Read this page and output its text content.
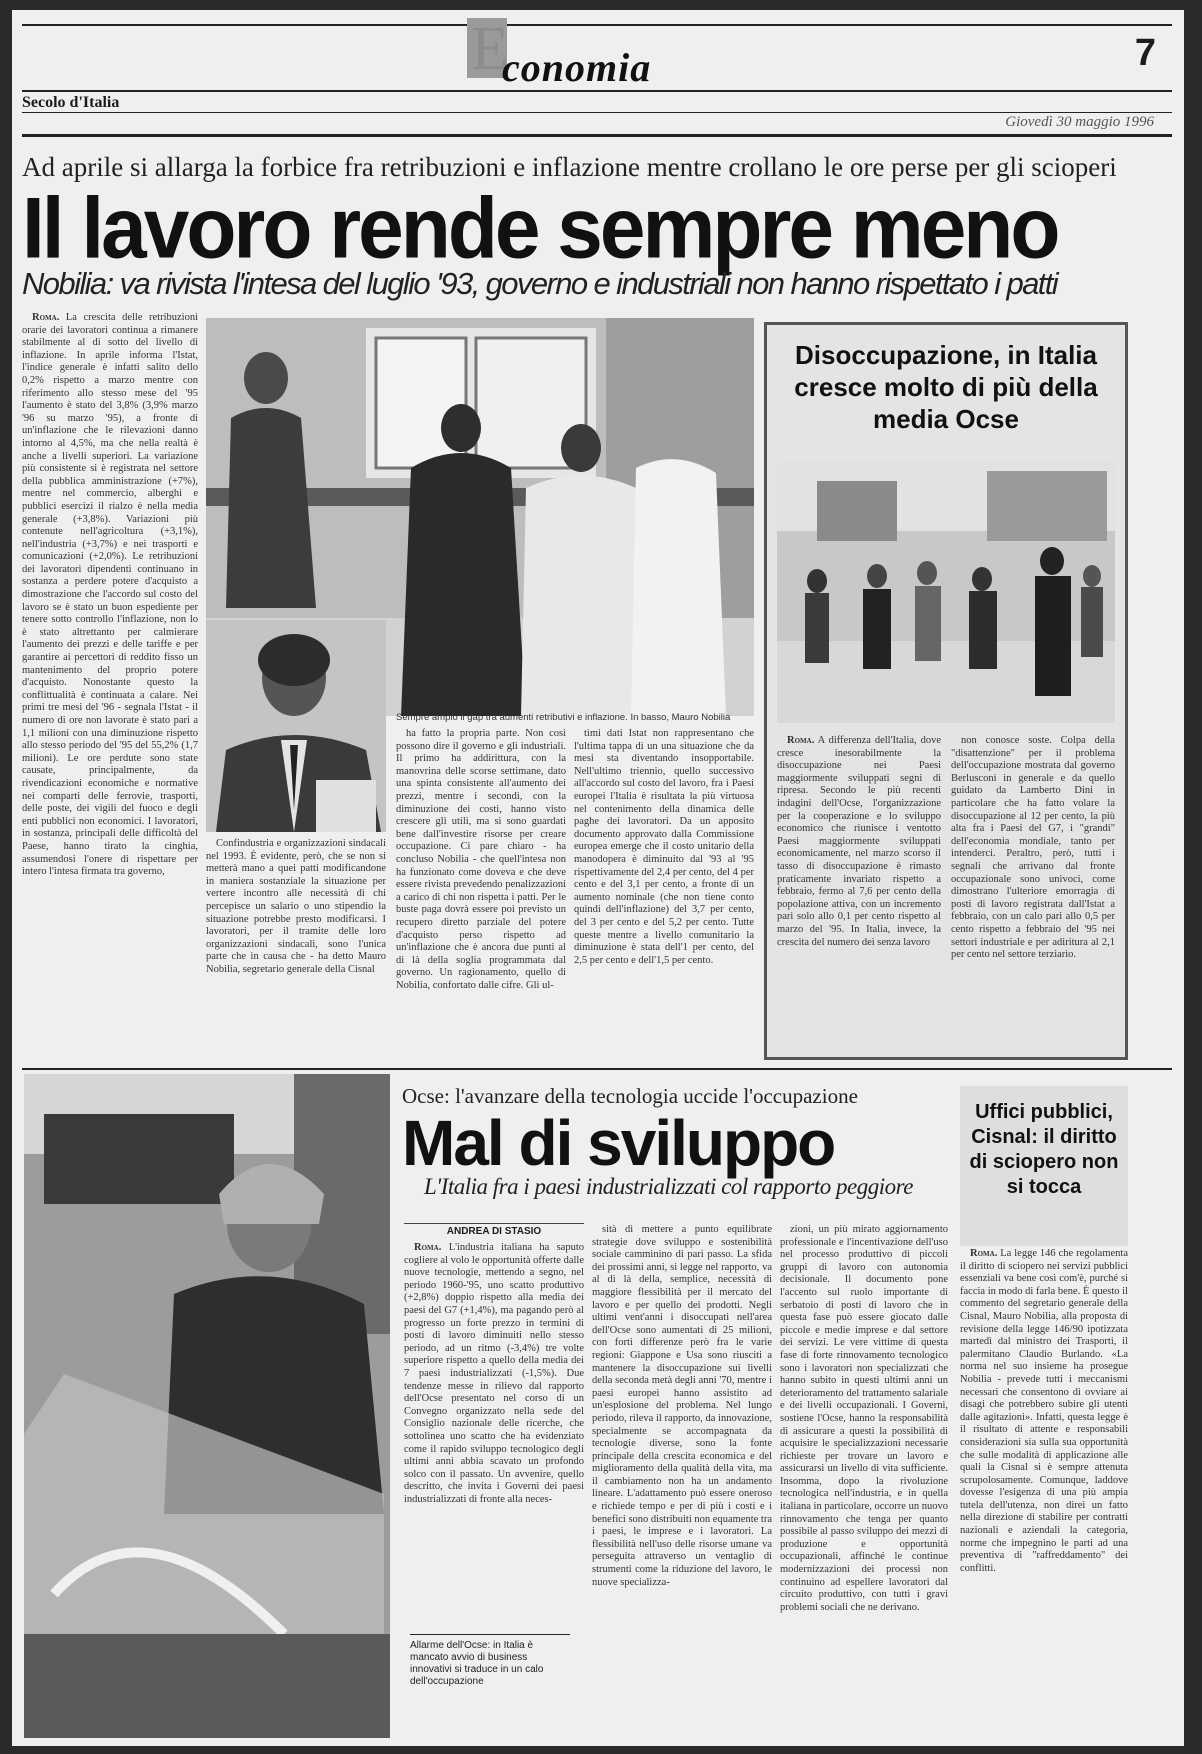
E
conomia	7
Secolo d'Italia
Giovedì 30 maggio 1996
Ad aprile si allarga la forbice fra retribuzioni e inflazione mentre crollano le ore perse per gli scioperi
Il lavoro rende sempre meno
Nobilia: va rivista l'intesa del luglio '93, governo e industriali non hanno rispettato i patti

Roma. La crescita delle retribuzioni orarie dei lavoratori continua a rimanere stabilmente al di sotto del livello di inflazione. In aprile informa l'Istat, l'indice generale è infatti salito dello 0,2% rispetto a marzo mentre con riferimento allo stesso mese del '95 l'aumento è stato del 3,8% (3,9% marzo '96 su marzo '95), a fronte di un'inflazione che le rilevazioni danno intorno al 4,5%, ma che nella realtà è anche a livelli superiori. La variazione più consistente si è registrata nel settore della pubblica amministrazione (+7%), mentre nel commercio, alberghi e pubblici esercizi il rialzo è nella media generale (+3,8%). Variazioni più contenute nell'agricoltura (+3,1%), nell'industria (+3,7%) e nei trasporti e comunicazioni (+2,0%). Le retribuzioni dei lavoratori dipendenti continuano in sostanza a perdere potere d'acquisto a dimostrazione che l'accordo sul costo del lavoro se è stato un buon espediente per tenere sotto controllo l'inflazione, non lo è stato altrettanto per calmierare l'aumento dei prezzi e delle tariffe e per garantire ai percettori di reddito fisso un mantenimento del proprio potere d'acquisto. Nonostante questo la conflittualità è continuata a calare. Nei primi tre mesi del '96 - segnala l'Istat - il numero di ore non lavorate è stato pari a 1,1 milioni con una diminuzione rispetto allo stesso periodo del '95 del 55,2% (1,7 milioni). Le ore perdute sono state causate, principalmente, da rivendicazioni economiche e normative nei comparti delle ferrovie, trasporti, delle poste, dei vigili del fuoco e degli enti pubblici non economici. I lavoratori, in sostanza, principali delle difficoltà del Paese, hanno tirato la cinghia, assumendosi l'onere di rispettare per intero l'intesa firmata tra governo,

Sempre ampio il gap tra aumenti retributivi e inflazione. In basso, Mauro Nobilia

Confindustria e organizzazioni sindacali nel 1993. È evidente, però, che se non si metterà mano a quei patti modificandone in maniera sostanziale la situazione per vertere incontro alle necessità di chi percepisce un salario o uno stipendio la situazione potrebbe presto modificarsi. I lavoratori, per il tramite delle loro organizzazioni sindacali, sono l'unica parte che in causa che - ha detto Mauro Nobilia, segretario generale della Cisnal

ha fatto la propria parte. Non così possono dire il governo e gli industriali. Il primo ha addirittura, con la manovrina delle scorse settimane, dato una spinta consistente all'aumento dei prezzi, mentre i secondi, con la diminuzione dei costi, hanno visto crescere gli utili, ma si sono guardati bene dall'investire risorse per creare occupazione. Ci pare chiaro - ha concluso Nobilia - che quell'intesa non ha funzionato come doveva e che deve essere rivista prevedendo penalizzazioni a carico di chi non rispetta i patti. Per le buste paga dovrà essere poi previsto un recupero diretto parziale del potere d'acquisto perso rispetto ad un'inflazione che è ancora due punti al di là della soglia programmata dal governo. Un ragionamento, quello di Nobilia, confortato dalle cifre. Gli ul-

timi dati Istat non rappresentano che l'ultima tappa di un una situazione che da mesi sta diventando insopportabile. Nell'ultimo triennio, quello successivo all'accordo sul costo del lavoro, fra i Paesi europei l'Italia è risultata la più virtuosa nel contenimento della dinamica delle paghe dei lavoratori. Da un apposito documento approvato dalla Commissione europea emerge che il costo unitario della manodopera è diminuito dal '93 al '95 rispettivamente del 2,4 per cento, del 4 per cento e del 3,1 per cento, a fronte di un aumento nominale (che non tiene conto quindi dell'inflazione) del 3,7 per cento, del 3 per cento e del 5,2 per cento. Tutte queste mentre a livello comunitario la diminuzione è stata dell'1 per cento, del 2,5 per cento e dell'1,5 per cento.

Disoccupazione, in Italia cresce molto di più della media Ocse

Roma. A differenza dell'Italia, dove cresce inesorabilmente la disoccupazione nei Paesi maggiormente sviluppati segni di ripresa. Secondo le più recenti indagini dell'Ocse, l'organizzazione per la cooperazione e lo sviluppo economico che riunisce i ventotto Paesi maggiormente sviluppati economicamente, nel marzo scorso il tasso di disoccupazione è rimasto praticamente invariato rispetto a febbraio, fermo al 7,6 per cento della popolazione attiva, con un incremento pari solo allo 0,1 per cento rispetto al marzo del '95. In Italia, invece, la crescita del numero dei senza lavoro

non conosce soste. Colpa della "disattenzione" per il problema dell'occupazione mostrata dal governo Berlusconi in generale e da quello guidato da Lamberto Dini in particolare che ha fatto volare la disoccupazione al 12 per cento, la più alta fra i Paesi del G7, i "grandi" dell'economia mondiale, tanto per intenderci. Peraltro, però, tutti i segnali che arrivano dal fronte occupazionale sono univoci, come dimostrano l'ulteriore emorragia di posti di lavoro registrata dall'Istat a febbraio, con un calo pari allo 0,5 per cento rispetto a febbraio del '95 nei settori industriale e per adiritura al 2,1 per cento nel settore terziario.

Ocse: l'avanzare della tecnologia uccide l'occupazione
Mal di sviluppo
L'Italia fra i paesi industrializzati col rapporto peggiore
ANDREA DI STASIO

Roma. L'industria italiana ha saputo cogliere al volo le opportunità offerte dalle nuove tecnologie, mettendo a segno, nel periodo 1960-'95, uno scatto produttivo (+2,8%) doppio rispetto alla media dei paesi del G7 (+1,4%), ma pagando però al progresso un forte prezzo in termini di posti di lavoro diminuiti nello stesso periodo, ad un ritmo (-3,4%) tre volte superiore rispetto a quello della media dei 7 paesi industrializzati (-1,5%). Due tendenze messe in rilievo dal rapporto dell'Ocse presentato nel corso di un Convegno organizzato nella sede del Consiglio nazionale delle ricerche, che sottolinea uno scatto che ha evidenziato come il rapido sviluppo tecnologico degli ultimi anni abbia scavato un profondo solco con il passato. Un avvenire, quello descritto, che invita i Governi dei paesi industrializzati di fronte alla neces-

Allarme dell'Ocse: in Italia è mancato avvio di business innovativi si traduce in un calo dell'occupazione

sità di mettere a punto equilibrate strategie dove sviluppo e sostenibilità sociale camminino di pari passo. La sfida dei prossimi anni, si legge nel rapporto, va al di là della, semplice, necessità di maggiore flessibilità per il mercato del lavoro e per quello dei prodotti. Negli ultimi vent'anni i disoccupati nell'area dell'Ocse sono aumentati di 25 milioni, con forti differenze però fra le varie regioni: Giappone e Usa sono riusciti a mantenere la disoccupazione sui livelli della seconda metà degli anni '70, mentre i paesi europei hanno assistito ad un'esplosione del problema. Nel lungo periodo, rileva il rapporto, da innovazione, specialmente se accompagnata da tecnologie diverse, sono la fonte principale della crescita economica e del miglioramento della qualità della vita, ma il cambiamento non ha un andamento lineare. L'adattamento può essere oneroso e richiede tempo e per di più i costi e i benefici sono distribuiti non equamente tra i paesi, le imprese e i lavoratori. La flessibilità nell'uso delle risorse umane va perseguita attraverso un ventaglio di strumenti come la riduzione del lavoro, le nuove specializza-

zioni, un più mirato aggiornamento professionale e l'incentivazione dell'uso nel processo produttivo di piccoli gruppi di lavoro con autonomia decisionale. Il documento pone l'accento sul ruolo importante di serbatoio di posti di lavoro che in questa fase può essere giocato dalle piccole e medie imprese e dal settore dei servizi. Le vere vittime di questa fase di forte rinnovamento tecnologico sono i lavoratori non specializzati che hanno subito in questi ultimi anni un deterioramento del trattamento salariale e dei livelli occupazionali. I Governi, sostiene l'Ocse, hanno la responsabilità di assicurare a questi la possibilità di acquisire le specializzazioni necessarie richieste per trovare un lavoro e assicurarsi un livello di vita sufficiente. Insomma, dopo la rivoluzione tecnologica nell'industria, e in quella italiana in particolare, occorre un nuovo rinnovamento che tenga per quanto possibile al passo sviluppo dei mezzi di produzione e opportunità occupazionali, affinché le continue modernizzazioni dei processi non continuino ad espellere lavoratori dal circuito produttivo, con tutti i gravi problemi sociali che ne derivano.

Uffici pubblici, Cisnal: il diritto di sciopero non si tocca

Roma. La legge 146 che regolamenta il diritto di sciopero nei servizi pubblici essenziali va bene così com'è, purché si faccia in modo di farla bene. È questo il commento del segretario generale della Cisnal, Mauro Nobilia, alla proposta di revisione della legge 146/90 ipotizzata martedì dal ministro dei Trasporti, il palermitano Claudio Burlando. «La norma nel suo insieme ha prosegue Nobilia - prevede tutti i meccanismi necessari che consentono di ovviare ai disagi che potrebbero subire gli utenti dalle agitazioni». Infatti, questa legge è il risultato di attente e responsabili considerazioni sia sulla sua opportunità che sulle modalità di applicazione alle quali la Cisnal si è sempre attenuta scrupolosamente. Comunque, laddove dovesse l'esigenza di una più ampia tutela dell'utenza, non direi un fatto nella direzione di stabilire per contratti nazionali e aziendali la categoria, norme che impegnino le parti ad una preventiva di "raffreddamento" dei conflitti.
